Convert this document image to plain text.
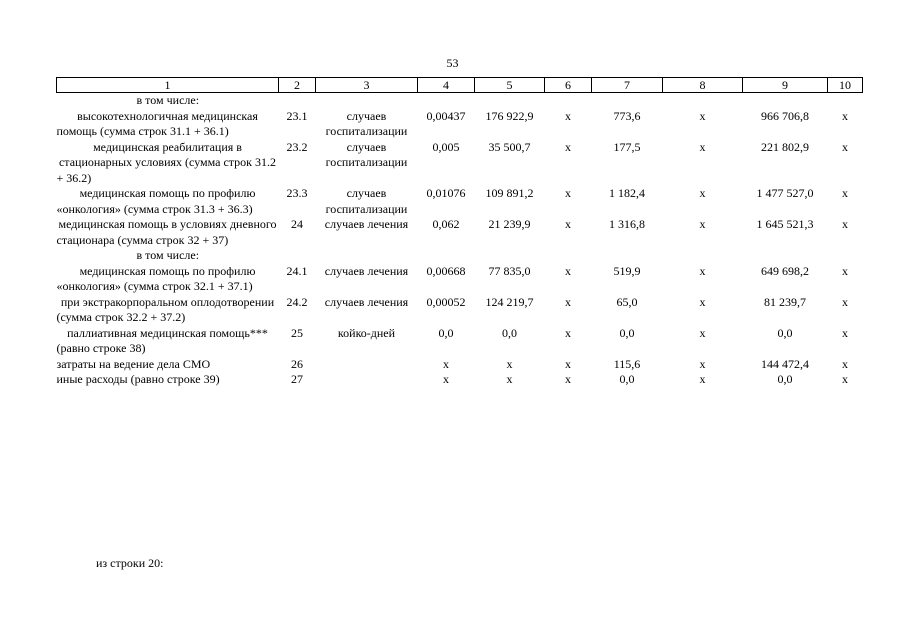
53
1	2	3	4	5	6	7	8	9	10
в том числе:									
высокотехнологичная медицинская помощь (сумма строк 31.1 + 36.1)	23.1	случаев госпитализации	0,00437	176 922,9	х	773,6	х	966 706,8	х
медицинская реабилитация в стационарных условиях (сумма строк 31.2 + 36.2)	23.2	случаев госпитализации	0,005	35 500,7	х	177,5	х	221 802,9	х
медицинская помощь по профилю «онкология» (сумма строк 31.3 + 36.3)	23.3	случаев госпитализации	0,01076	109 891,2	х	1 182,4	х	1 477 527,0	х
медицинская помощь в условиях дневного стационара (сумма строк 32 + 37)	24	случаев лечения	0,062	21 239,9	х	1 316,8	х	1 645 521,3	х
в том числе:									
медицинская помощь по профилю «онкология» (сумма строк 32.1 + 37.1)	24.1	случаев лечения	0,00668	77 835,0	х	519,9	х	649 698,2	х
при экстракорпоральном оплодотворении (сумма строк 32.2 + 37.2)	24.2	случаев лечения	0,00052	124 219,7	х	65,0	х	81 239,7	х
паллиативная медицинская помощь*** (равно строке 38)	25	койко-дней	0,0	0,0	х	0,0	х	0,0	х
затраты на ведение дела СМО	26		х	х	х	115,6	х	144 472,4	х
иные расходы (равно строке 39)	27		х	х	х	0,0	х	0,0	х
из строки 20:
